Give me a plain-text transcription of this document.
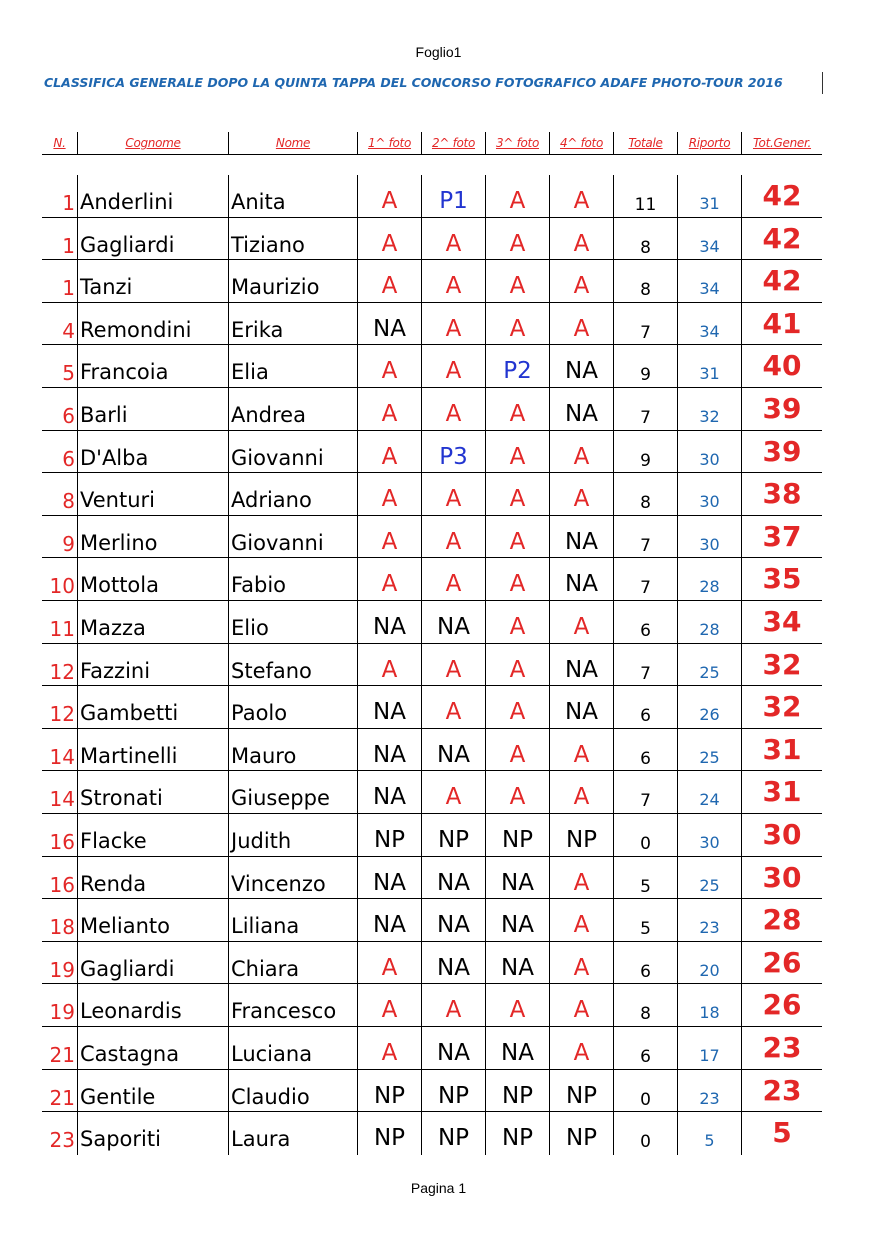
Foglio1
CLASSIFICA GENERALE DOPO LA QUINTA TAPPA DEL CONCORSO FOTOGRAFICO ADAFE PHOTO-TOUR 2016
N.	Cognome	Nome	1^ foto	2^ foto	3^ foto	4^ foto	Totale	Riporto	Tot.Gener.
1 Anderlini	Anita	A	P1	A	A	11	31	42
1 Gagliardi	Tiziano	A	A	A	A	8	34	42
1 Tanzi	Maurizio	A	A	A	A	8	34	42
4 Remondini	Erika	NA	A	A	A	7	34	41
5 Francoia	Elia	A	A	P2	NA	9	31	40
6 Barli	Andrea	A	A	A	NA	7	32	39
6 D'Alba	Giovanni	A	P3	A	A	9	30	39
8 Venturi	Adriano	A	A	A	A	8	30	38
9 Merlino	Giovanni	A	A	A	NA	7	30	37
10 Mottola	Fabio	A	A	A	NA	7	28	35
11 Mazza	Elio	NA	NA	A	A	6	28	34
12 Fazzini	Stefano	A	A	A	NA	7	25	32
12 Gambetti	Paolo	NA	A	A	NA	6	26	32
14 Martinelli	Mauro	NA	NA	A	A	6	25	31
14 Stronati	Giuseppe	NA	A	A	A	7	24	31
16 Flacke	Judith	NP	NP	NP	NP	0	30	30
16 Renda	Vincenzo	NA	NA	NA	A	5	25	30
18 Melianto	Liliana	NA	NA	NA	A	5	23	28
19 Gagliardi	Chiara	A	NA	NA	A	6	20	26
19 Leonardis	Francesco	A	A	A	A	8	18	26
21 Castagna	Luciana	A	NA	NA	A	6	17	23
21 Gentile	Claudio	NP	NP	NP	NP	0	23	23
23 Saporiti	Laura	NP	NP	NP	NP	0	5	5
Pagina 1
